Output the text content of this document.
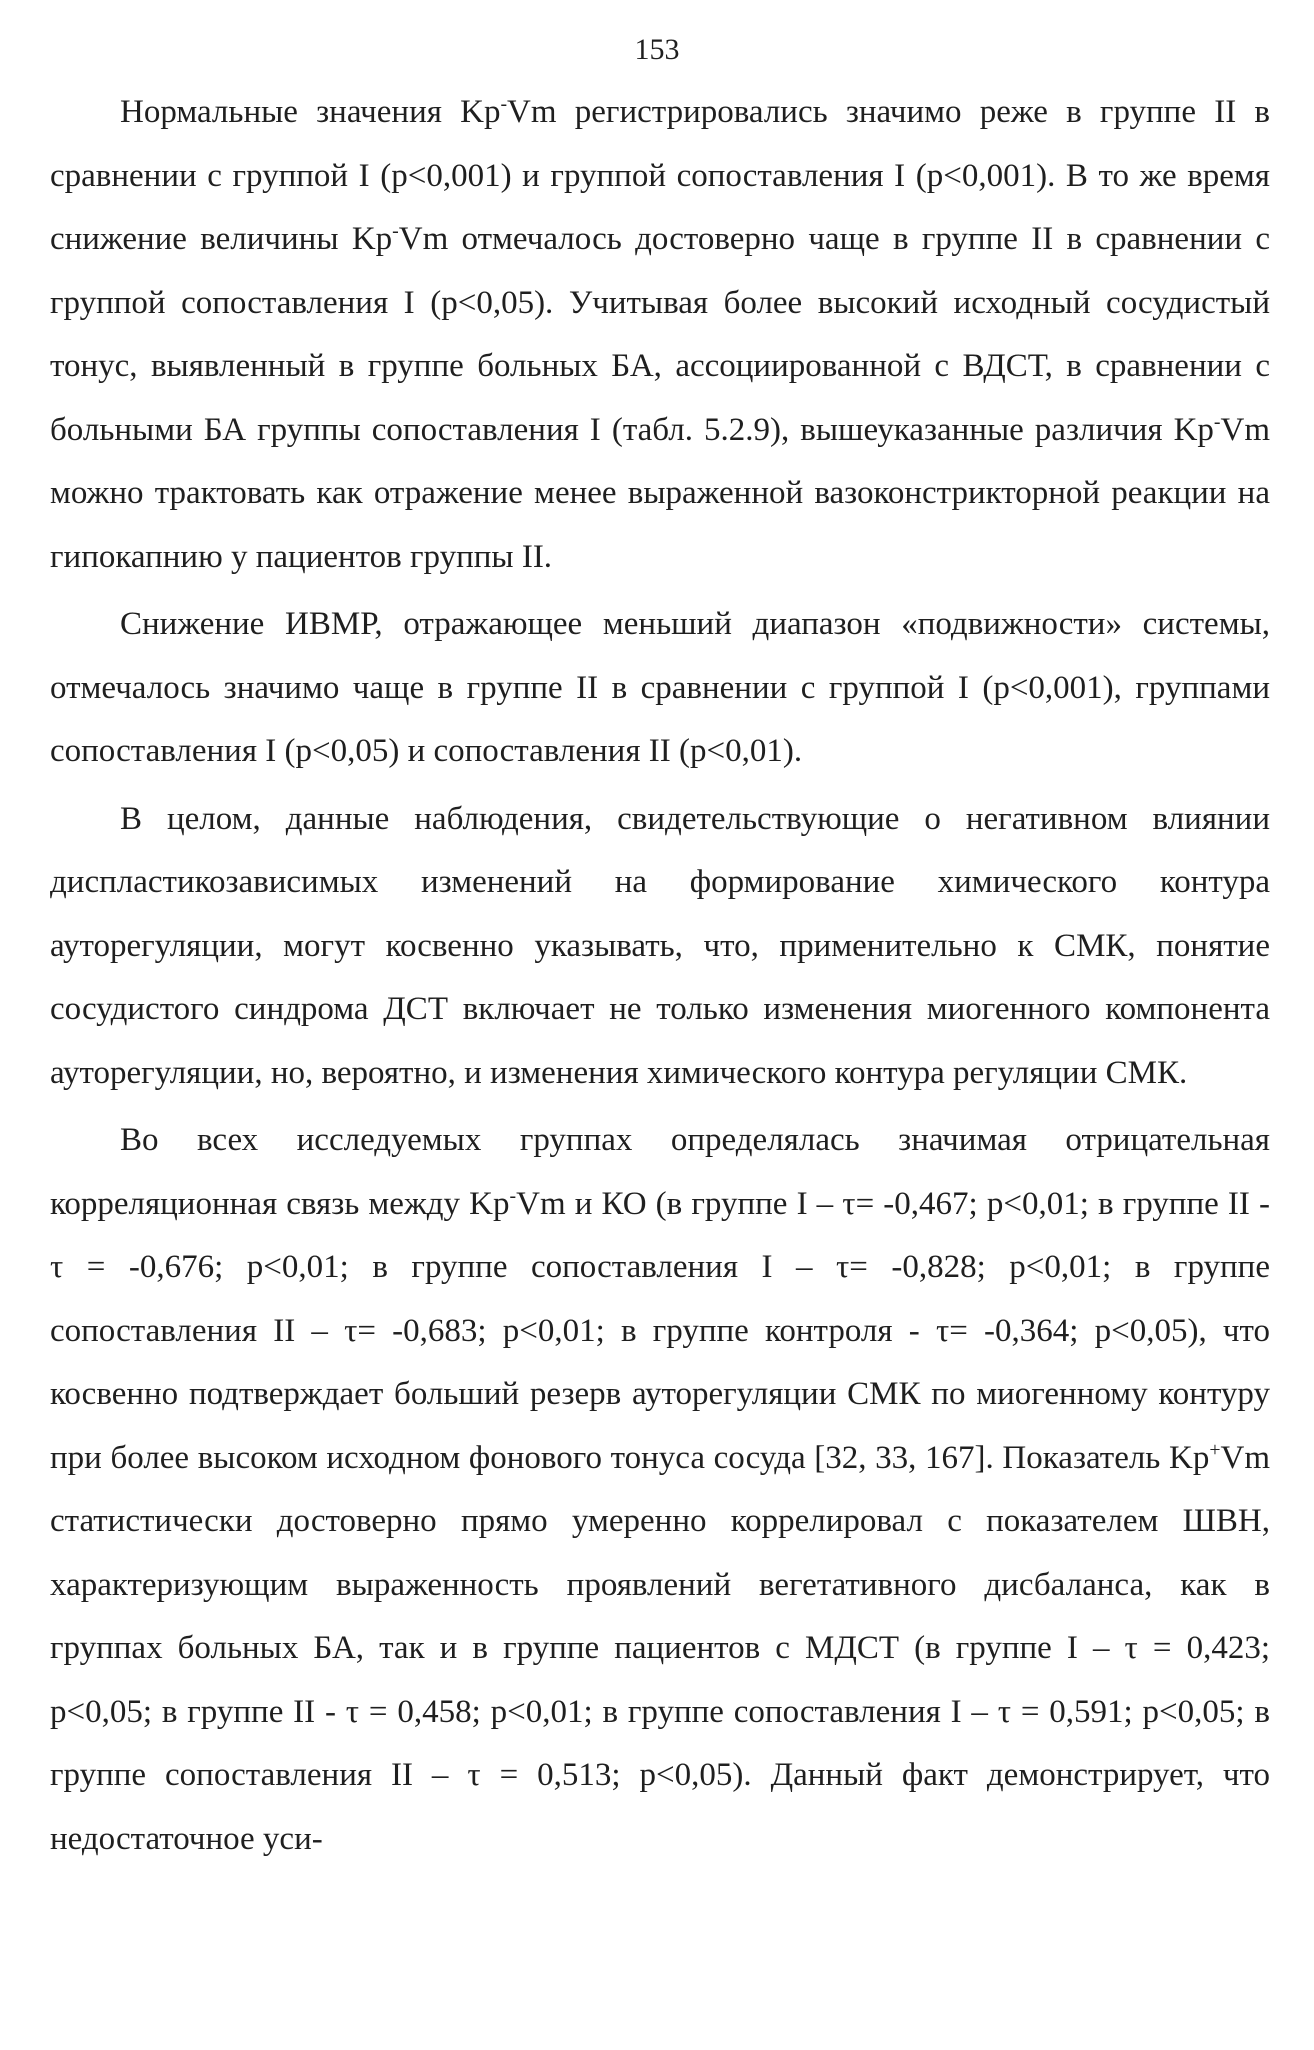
153

Нормальные значения Kp-Vm регистрировались значимо реже в группе II в сравнении с группой I (p<0,001) и группой сопоставления I (p<0,001). В то же время снижение величины Kp-Vm отмечалось достоверно чаще в группе II в сравнении с группой сопоставления I (p<0,05). Учитывая более высокий исходный сосудистый тонус, выявленный в группе больных БА, ассоциированной с ВДСТ, в сравнении с больными БА группы сопоставления I (табл. 5.2.9), вышеуказанные различия Kp-Vm можно трактовать как отражение менее выраженной вазоконстрикторной реакции на гипокапнию у пациентов группы II.

Снижение ИВМР, отражающее меньший диапазон «подвижности» системы, отмечалось значимо чаще в группе II в сравнении с группой I (p<0,001), группами сопоставления I (p<0,05) и сопоставления II (p<0,01).

В целом, данные наблюдения, свидетельствующие о негативном влиянии диспластикозависимых изменений на формирование химического контура ауторегуляции, могут косвенно указывать, что, применительно к СМК, понятие сосудистого синдрома ДСТ включает не только изменения миогенного компонента ауторегуляции, но, вероятно, и изменения химического контура регуляции СМК.

Во всех исследуемых группах определялась значимая отрицательная корреляционная связь между Kp-Vm и КО (в группе I – τ= -0,467; p<0,01; в группе II - τ = -0,676; p<0,01; в группе сопоставления I – τ= -0,828; p<0,01; в группе сопоставления II – τ= -0,683; p<0,01; в группе контроля - τ= -0,364; p<0,05), что косвенно подтверждает больший резерв ауторегуляции СМК по миогенному контуру при более высоком исходном фонового тонуса сосуда [32, 33, 167]. Показатель Kp+Vm статистически достоверно прямо умеренно коррелировал с показателем ШВН, характеризующим выраженность проявлений вегетативного дисбаланса, как в группах больных БА, так и в группе пациентов с МДСТ (в группе I – τ = 0,423; p<0,05; в группе II - τ = 0,458; p<0,01; в группе сопоставления I – τ = 0,591; p<0,05; в группе сопоставления II – τ = 0,513; p<0,05). Данный факт демонстрирует, что недостаточное уси-
